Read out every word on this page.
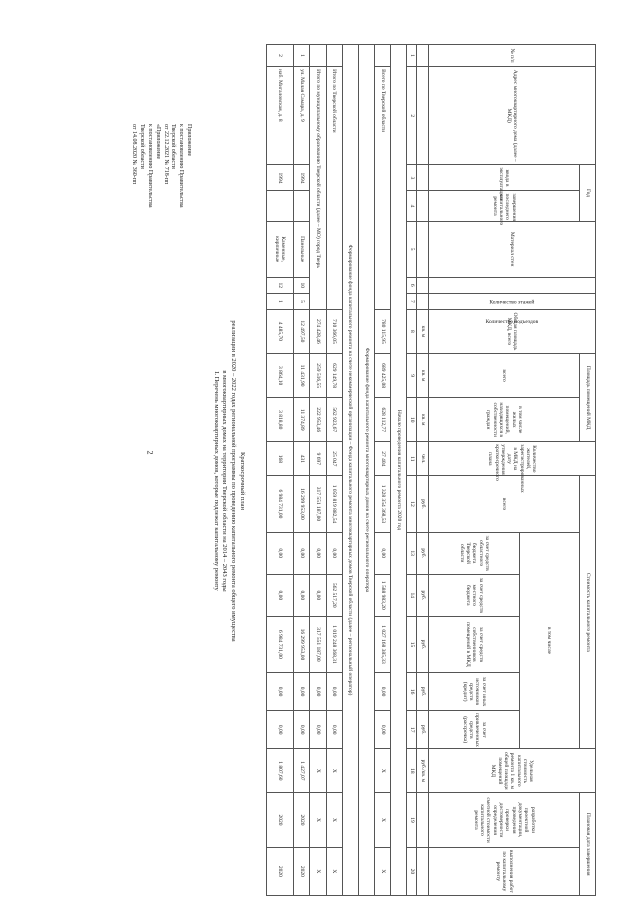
2
Приложение
к постановлению Правительства
Тверской области
от 22.12.2021 № 718-пп
«Приложение
к постановлению Правительства
Тверской области
от 14.08.2020 № 360-пп
Краткосрочный план
реализации в 2020 – 2022 годах региональной программы по проведению капитального ремонта общего имущества
в многоквартирных домах на территории Тверской области на 2014 – 2043 годы
I. Перечень многоквартирных домов, которые подлежат капитальному ремонту
№ п/п	Адрес многоквартирного дома (далее – МКД)	Год		Материал стен	Количество этажей	Количество подъездов	Общая площадь МКД, всего	Площадь помещений МКД		Количество жителей, зарегистрированных в МКД на дату утверждения краткосрочного плана	Стоимость капитального ремонта						Удельная стоимость капитального ремонта 1 кв. м общей площади помещений МКД	Плановая дата завершения	
		ввода в эксплуатацию	завершения последнего капитального ремонта					всего	в том числе жилых помещений, находящихся в собственности граждан		всего	в том числе						разработки проектной документации, проведения проверки достоверности определения сметной стоимости капитального ремонта	выполнения работ по капитальному ремонту
												за счет средств областного бюджета Тверской области	за счет средств местного бюджета	за счет средств собственников помещений в МКД	за счет иных источников средств (кредит)	за счет привлеченных средств (рассрочка)			
							кв. м	кв. м	кв. м	чел.	руб.	руб.	руб.	руб.	руб.	руб.	руб./кв. м		
1	2	3	4	5	6	7	8	9	10	11	12	13	14	15	16	17	18	19	20
Начало проведения капитального ремонта 2020 год																			
	Всего по Тверской области						780 115,95	689 425,08	628 112,77	27 404	1 328 354 368,53	0,00	1 588 983,20	1 027 168 385,33	0,00	0,00	X	X	X
Формирование фонда капитального ремонта многоквартирных домов на счете регионального оператора																			
Формирование фонда капитального ремонта на счете некоммерческой организации – Фонда капитального ремонта многоквартирных домов Тверской области (далее – региональный оператор)																			
	Итого по Тверской области						710 366,05	629 149,78	562 923,67	25 047	1 059 819 882,54	0,00	562 517,20	1 019 248 368,31	0,00	0,00	X	X	X
	Итого по муниципальному образованию Тверской области (далее – МО) город Тверь						274 428,46	259 516,55	222 953,46	9 697	317 551 187,00	0,00	0,00	317 551 187,00	0,00	0,00	X	X	X
1	ул. Малая Самара, д. 9	1994		Панельные	10	5	12 497,50	11 431,90	11 374,89	431	16 299 953,00	0,00	0,00	16 299 953,00	0,00	0,00	1 427,07	2020	2020
2	наб. Мигаловская, д. 8	1994		Каменные, кирпичные	12	1	4 485,70	3 864,10	3 818,80	168	6 984 731,00	0,00	0,00	6 984 731,00	0,00	0,00	1 807,60	2020	2020
